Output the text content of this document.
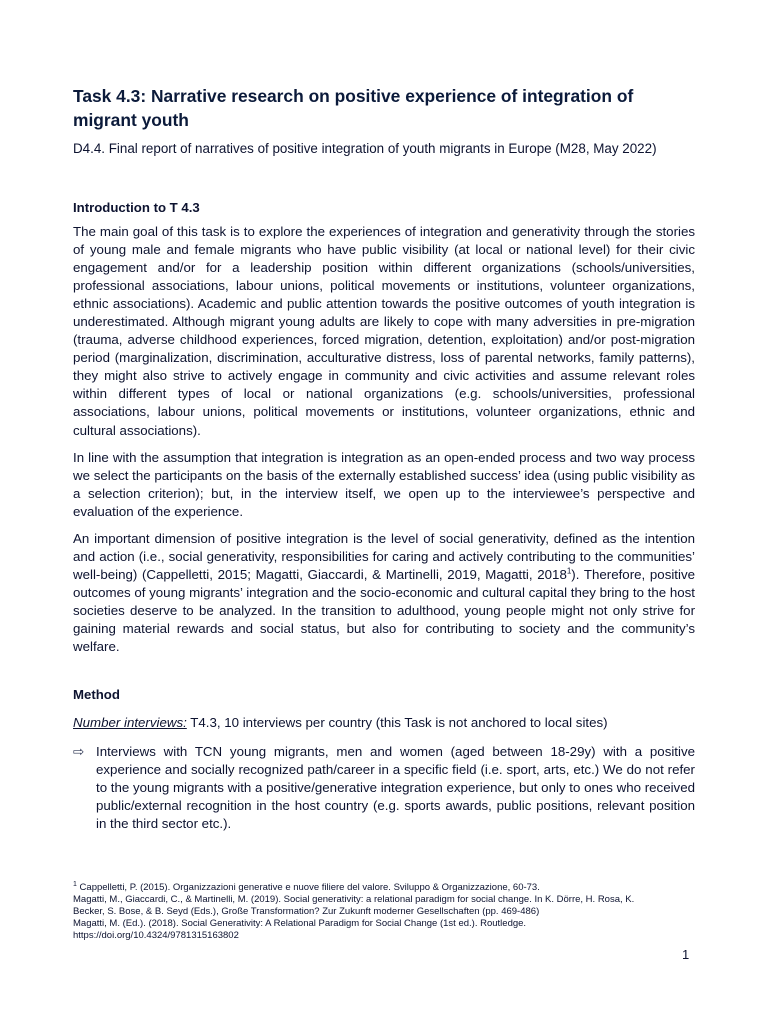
Task 4.3: Narrative research on positive experience of integration of migrant youth

D4.4. Final report of narratives of positive integration of youth migrants in Europe (M28, May 2022)

Introduction to T 4.3

The main goal of this task is to explore the experiences of integration and generativity through the stories of young male and female migrants who have public visibility (at local or national level) for their civic engagement and/or for a leadership position within different organizations (schools/universities, professional associations, labour unions, political movements or institutions, volunteer organizations, ethnic associations). Academic and public attention towards the positive outcomes of youth integration is underestimated. Although migrant young adults are likely to cope with many adversities in pre-migration (trauma, adverse childhood experiences, forced migration, detention, exploitation) and/or post-migration period (marginalization, discrimination, acculturative distress, loss of parental networks, family patterns), they might also strive to actively engage in community and civic activities and assume relevant roles within different types of local or national organizations (e.g. schools/universities, professional associations, labour unions, political movements or institutions, volunteer organizations, ethnic and cultural associations).

In line with the assumption that integration is integration as an open-ended process and two way process we select the participants on the basis of the externally established success’ idea (using public visibility as a selection criterion); but, in the interview itself, we open up to the interviewee’s perspective and evaluation of the experience.

An important dimension of positive integration is the level of social generativity, defined as the intention and action (i.e., social generativity, responsibilities for caring and actively contributing to the communities’ well-being) (Cappelletti, 2015; Magatti, Giaccardi, & Martinelli, 2019, Magatti, 2018$^1$). Therefore, positive outcomes of young migrants’ integration and the socio-economic and cultural capital they bring to the host societies deserve to be analyzed. In the transition to adulthood, young people might not only strive for gaining material rewards and social status, but also for contributing to society and the community’s welfare.

Method
Number interviews: T4.3, 10 interviews per country (this Task is not anchored to local sites)
⇨ Interviews with TCN young migrants, men and women (aged between 18-29y) with a positive experience and socially recognized path/career in a specific field (i.e. sport, arts, etc.) We do not refer to the young migrants with a positive/generative integration experience, but only to ones who received public/external recognition in the host country (e.g. sports awards, public positions, relevant position in the third sector etc.).

$^1$ Cappelletti, P. (2015). Organizzazioni generative e nuove filiere del valore. Sviluppo & Organizzazione, 60-73.

Magatti, M., Giaccardi, C., & Martinelli, M. (2019). Social generativity: a relational paradigm for social change. In K. Dörre, H. Rosa, K.

Becker, S. Bose, & B. Seyd (Eds.), Große Transformation? Zur Zukunft moderner Gesellschaften (pp. 469-486)

Magatti, M. (Ed.). (2018). Social Generativity: A Relational Paradigm for Social Change (1st ed.). Routledge.

https://doi.org/10.4324/9781315163802

1
